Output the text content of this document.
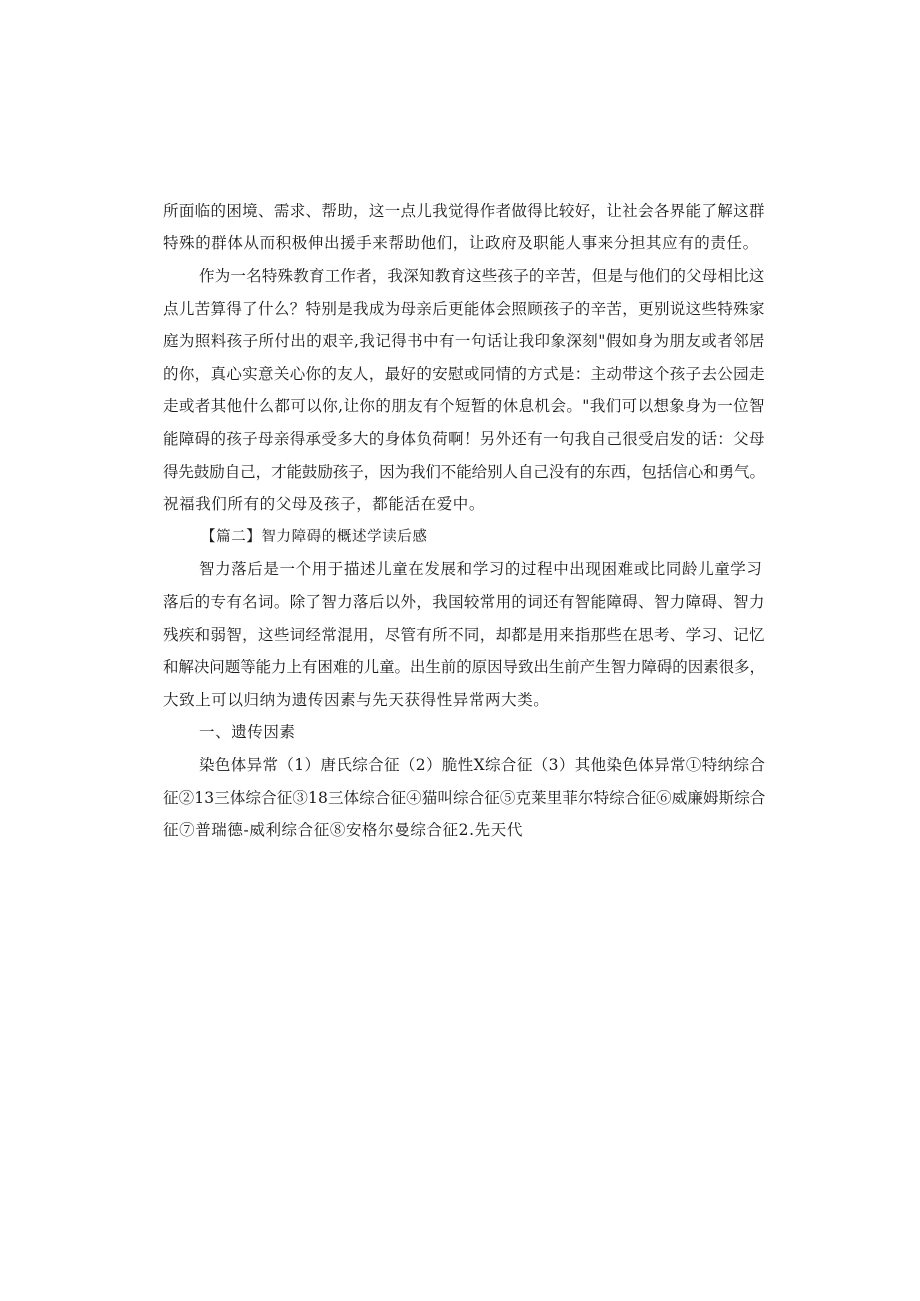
所面临的困境、需求、帮助，这一点儿我觉得作者做得比较好，让社会各界能了解这群
特殊的群体从而积极伸出援手来帮助他们，让政府及职能人事来分担其应有的责任。
作为一名特殊教育工作者，我深知教育这些孩子的辛苦，但是与他们的父母相比这
点儿苦算得了什么？特别是我成为母亲后更能体会照顾孩子的辛苦，更别说这些特殊家
庭为照料孩子所付出的艰辛,我记得书中有一句话让我印象深刻"假如身为朋友或者邻居
的你，真心实意关心你的友人，最好的安慰或同情的方式是：主动带这个孩子去公园走
走或者其他什么都可以你,让你的朋友有个短暂的休息机会。"我们可以想象身为一位智
能障碍的孩子母亲得承受多大的身体负荷啊！另外还有一句我自己很受启发的话：父母
得先鼓励自己，才能鼓励孩子，因为我们不能给别人自己没有的东西，包括信心和勇气。
祝福我们所有的父母及孩子，都能活在爱中。
【篇二】智力障碍的概述学读后感
智力落后是一个用于描述儿童在发展和学习的过程中出现困难或比同龄儿童学习
落后的专有名词。除了智力落后以外，我国较常用的词还有智能障碍、智力障碍、智力
残疾和弱智，这些词经常混用，尽管有所不同，却都是用来指那些在思考、学习、记忆
和解决问题等能力上有困难的儿童。出生前的原因导致出生前产生智力障碍的因素很多，
大致上可以归纳为遗传因素与先天获得性异常两大类。
一、遗传因素
染色体异常（1）唐氏综合征（2）脆性X综合征（3）其他染色体异常①特纳综合
征②13三体综合征③18三体综合征④猫叫综合征⑤克莱里菲尔特综合征⑥威廉姆斯综合
征⑦普瑞德-威利综合征⑧安格尔曼综合征2.先天代
